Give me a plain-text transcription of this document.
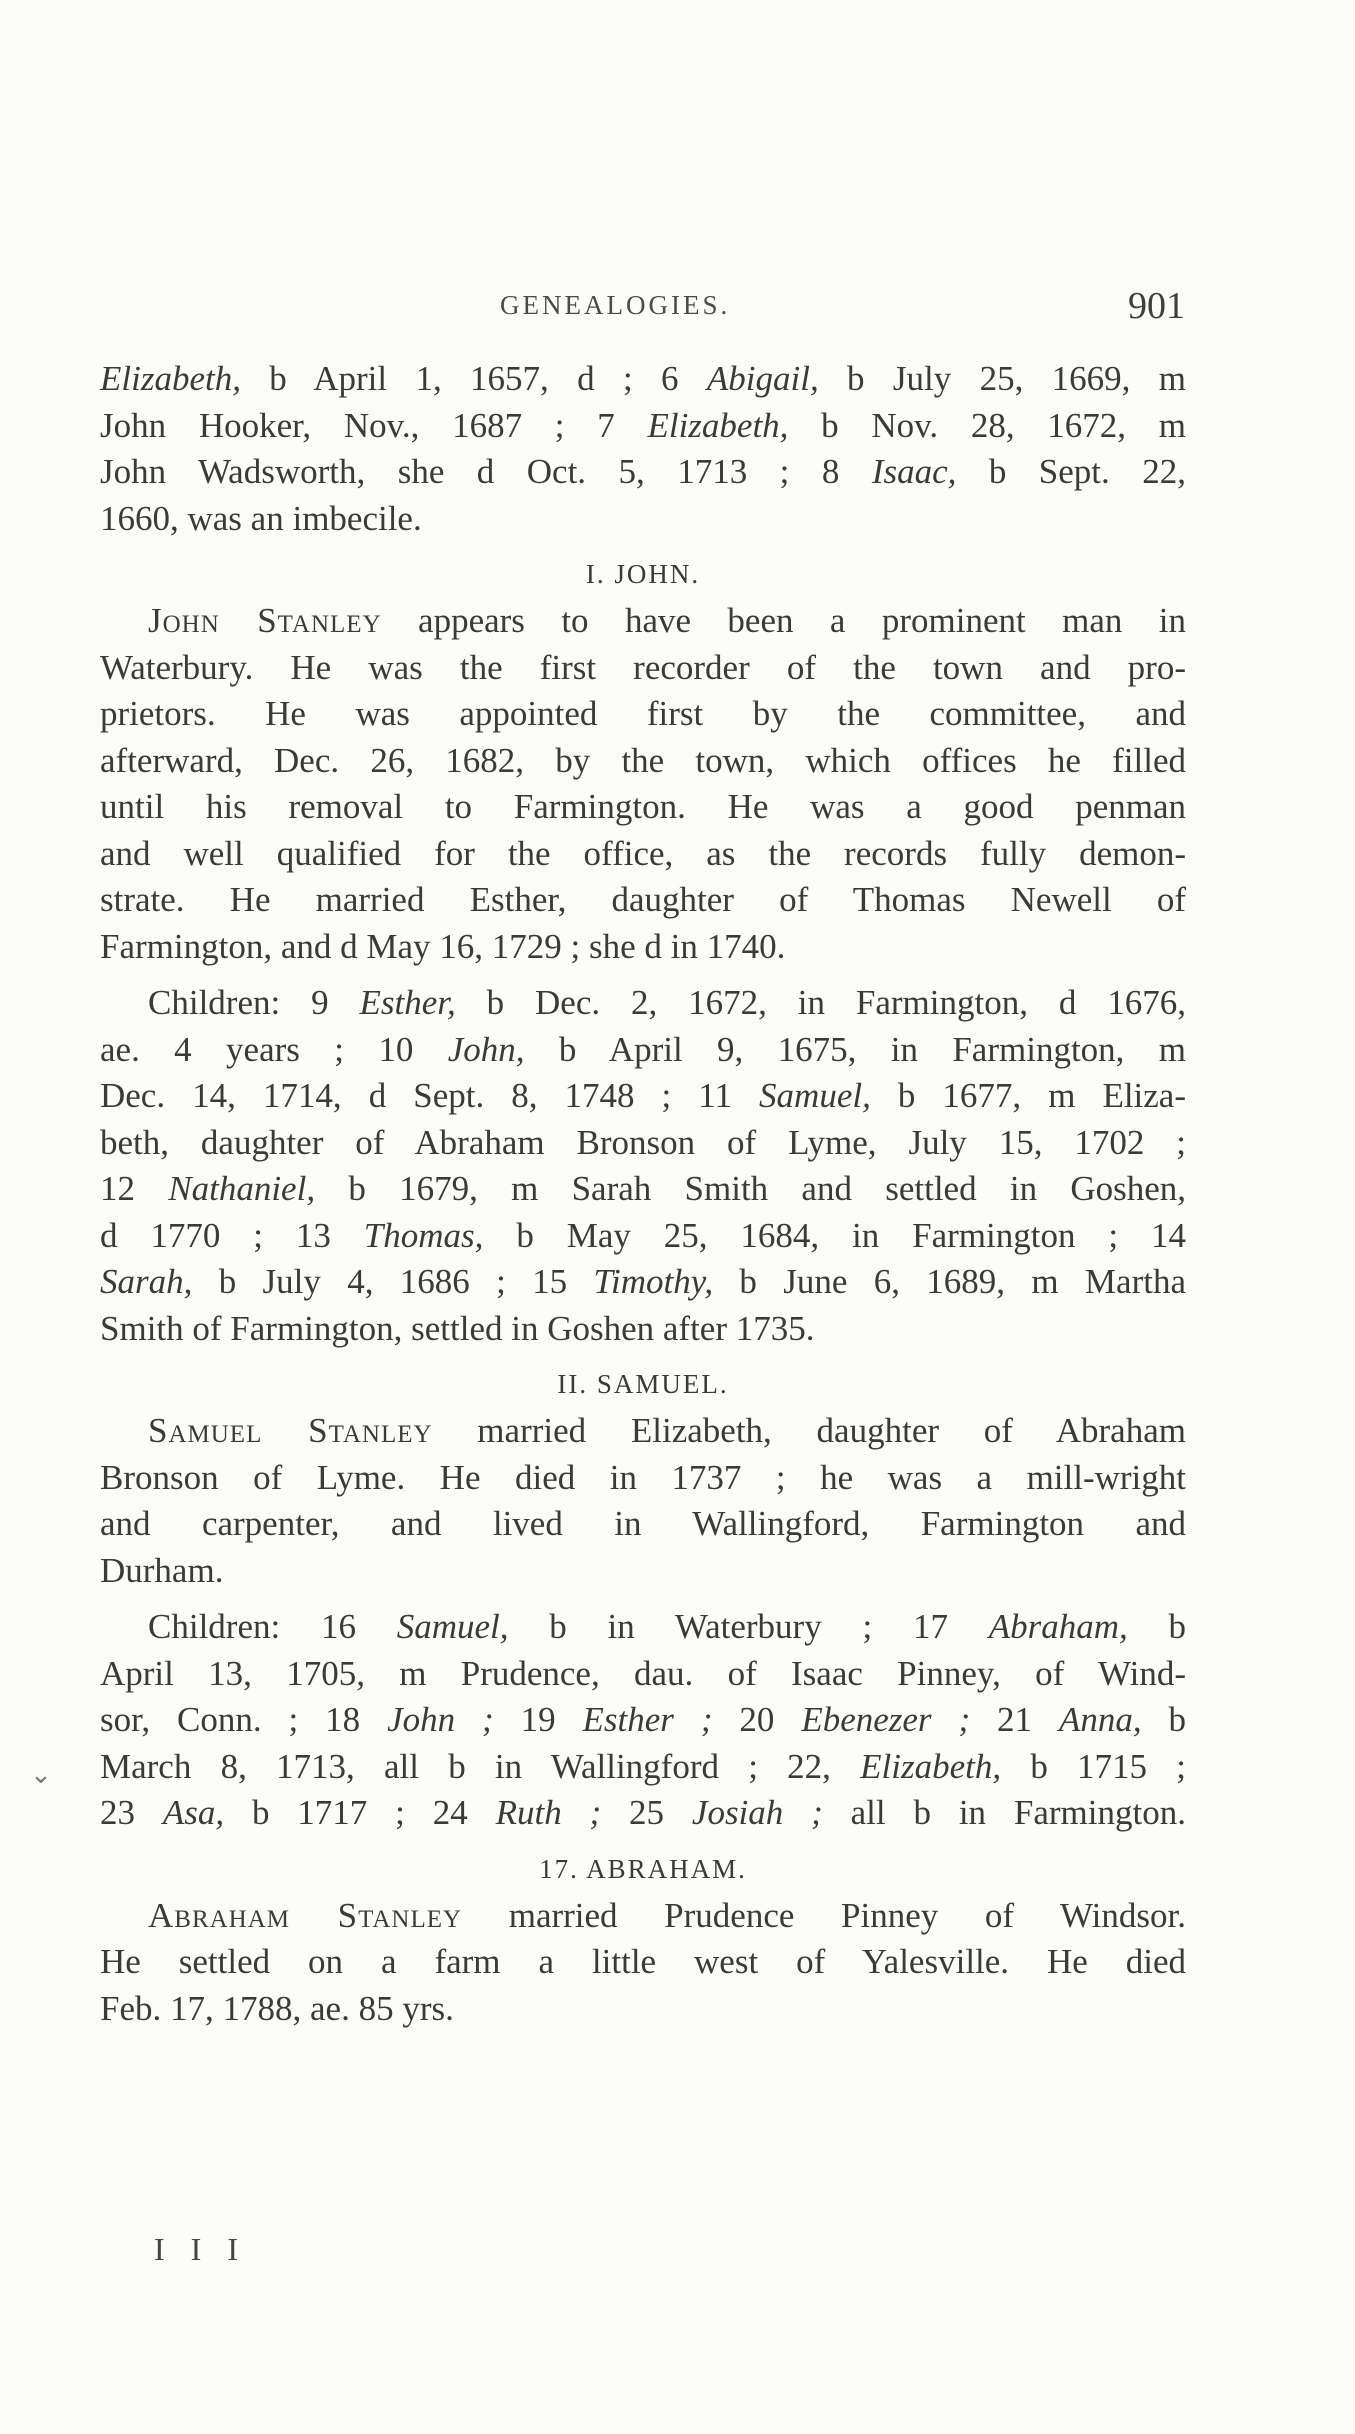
GENEALOGIES.	901
⌄
Elizabeth, b April 1, 1657, d ; 6 Abigail, b July 25, 1669, m
John Hooker, Nov., 1687 ; 7 Elizabeth, b Nov. 28, 1672, m
John Wadsworth, she d Oct. 5, 1713 ; 8 Isaac, b Sept. 22,
1660, was an imbecile.
I. JOHN.
John Stanley appears to have been a prominent man in
Waterbury. He was the first recorder of the town and pro-
prietors. He was appointed first by the committee, and
afterward, Dec. 26, 1682, by the town, which offices he filled
until his removal to Farmington. He was a good penman
and well qualified for the office, as the records fully demon-
strate. He married Esther, daughter of Thomas Newell of
Farmington, and d May 16, 1729 ; she d in 1740.
Children: 9 Esther, b Dec. 2, 1672, in Farmington, d 1676,
ae. 4 years ; 10 John, b April 9, 1675, in Farmington, m
Dec. 14, 1714, d Sept. 8, 1748 ; 11 Samuel, b 1677, m Eliza-
beth, daughter of Abraham Bronson of Lyme, July 15, 1702 ;
12 Nathaniel, b 1679, m Sarah Smith and settled in Goshen,
d 1770 ; 13 Thomas, b May 25, 1684, in Farmington ; 14
Sarah, b July 4, 1686 ; 15 Timothy, b June 6, 1689, m Martha
Smith of Farmington, settled in Goshen after 1735.
II. SAMUEL.
Samuel Stanley married Elizabeth, daughter of Abraham
Bronson of Lyme. He died in 1737 ; he was a mill-wright
and carpenter, and lived in Wallingford, Farmington and
Durham.
Children: 16 Samuel, b in Waterbury ; 17 Abraham, b
April 13, 1705, m Prudence, dau. of Isaac Pinney, of Wind-
sor, Conn. ; 18 John ; 19 Esther ; 20 Ebenezer ; 21 Anna, b
March 8, 1713, all b in Wallingford ; 22, Elizabeth, b 1715 ;
23 Asa, b 1717 ; 24 Ruth ; 25 Josiah ; all b in Farmington.
17. ABRAHAM.
Abraham Stanley married Prudence Pinney of Windsor.
He settled on a farm a little west of Yalesville. He died
Feb. 17, 1788, ae. 85 yrs.
I I I
